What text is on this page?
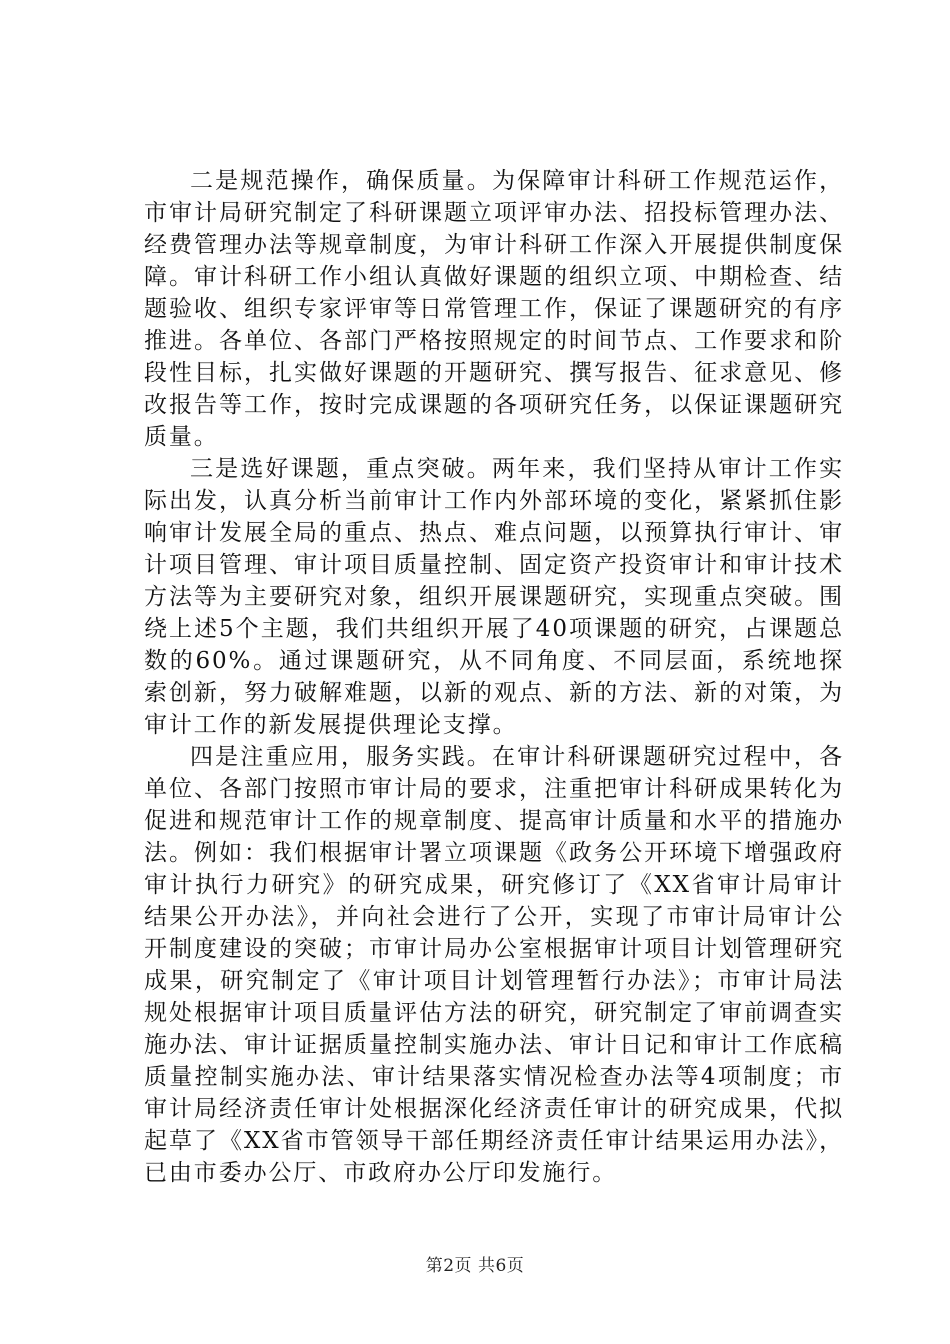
二是规范操作，确保质量。为保障审计科研工作规范运作，市审计局研究制定了科研课题立项评审办法、招投标管理办法、经费管理办法等规章制度，为审计科研工作深入开展提供制度保障。审计科研工作小组认真做好课题的组织立项、中期检查、结题验收、组织专家评审等日常管理工作，保证了课题研究的有序推进。各单位、各部门严格按照规定的时间节点、工作要求和阶段性目标，扎实做好课题的开题研究、撰写报告、征求意见、修改报告等工作，按时完成课题的各项研究任务，以保证课题研究质量。

三是选好课题，重点突破。两年来，我们坚持从审计工作实际出发，认真分析当前审计工作内外部环境的变化，紧紧抓住影响审计发展全局的重点、热点、难点问题，以预算执行审计、审计项目管理、审计项目质量控制、固定资产投资审计和审计技术方法等为主要研究对象，组织开展课题研究，实现重点突破。围绕上述5个主题，我们共组织开展了40项课题的研究，占课题总数的60%。通过课题研究，从不同角度、不同层面，系统地探索创新，努力破解难题，以新的观点、新的方法、新的对策，为审计工作的新发展提供理论支撑。

四是注重应用，服务实践。在审计科研课题研究过程中，各单位、各部门按照市审计局的要求，注重把审计科研成果转化为促进和规范审计工作的规章制度、提高审计质量和水平的措施办法。例如：我们根据审计署立项课题《政务公开环境下增强政府审计执行力研究》的研究成果，研究修订了《XX省审计局审计结果公开办法》，并向社会进行了公开，实现了市审计局审计公开制度建设的突破；市审计局办公室根据审计项目计划管理研究成果，研究制定了《审计项目计划管理暂行办法》；市审计局法规处根据审计项目质量评估方法的研究，研究制定了审前调查实施办法、审计证据质量控制实施办法、审计日记和审计工作底稿质量控制实施办法、审计结果落实情况检查办法等4项制度；市审计局经济责任审计处根据深化经济责任审计的研究成果，代拟起草了《XX省市管领导干部任期经济责任审计结果运用办法》，已由市委办公厅、市政府办公厅印发施行。

第2页 共6页
